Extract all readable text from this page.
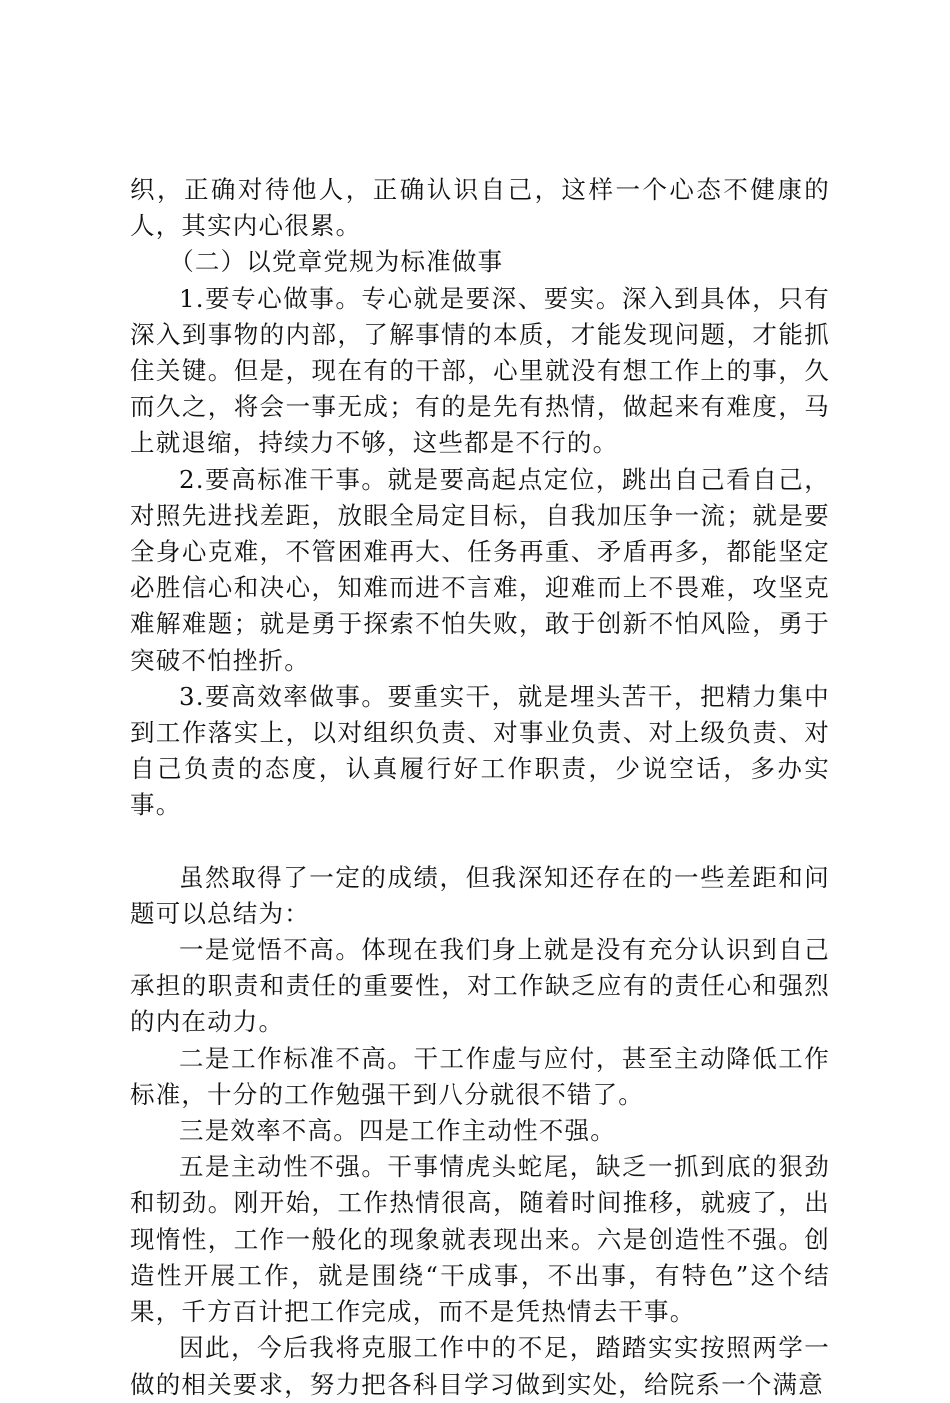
织，正确对待他人，正确认识自己，这样一个心态不健康的人，其实内心很累。

（二）以党章党规为标准做事

1.要专心做事。专心就是要深、要实。深入到具体，只有深入到事物的内部，了解事情的本质，才能发现问题，才能抓住关键。但是，现在有的干部，心里就没有想工作上的事，久而久之，将会一事无成；有的是先有热情，做起来有难度，马上就退缩，持续力不够，这些都是不行的。

2.要高标准干事。就是要高起点定位，跳出自己看自己，对照先进找差距，放眼全局定目标，自我加压争一流；就是要全身心克难，不管困难再大、任务再重、矛盾再多，都能坚定必胜信心和决心，知难而进不言难，迎难而上不畏难，攻坚克难解难题；就是勇于探索不怕失败，敢于创新不怕风险，勇于突破不怕挫折。

3.要高效率做事。要重实干，就是埋头苦干，把精力集中到工作落实上，以对组织负责、对事业负责、对上级负责、对自己负责的态度，认真履行好工作职责，少说空话，多办实事。

虽然取得了一定的成绩，但我深知还存在的一些差距和问题可以总结为：

一是觉悟不高。体现在我们身上就是没有充分认识到自己承担的职责和责任的重要性，对工作缺乏应有的责任心和强烈的内在动力。

二是工作标准不高。干工作虚与应付，甚至主动降低工作标准，十分的工作勉强干到八分就很不错了。

三是效率不高。四是工作主动性不强。

五是主动性不强。干事情虎头蛇尾，缺乏一抓到底的狠劲和韧劲。刚开始，工作热情很高，随着时间推移，就疲了，出现惰性，工作一般化的现象就表现出来。六是创造性不强。创造性开展工作，就是围绕“干成事，不出事，有特色”这个结果，千方百计把工作完成，而不是凭热情去干事。

因此，今后我将克服工作中的不足，踏踏实实按照两学一做的相关要求，努力把各科目学习做到实处，给院系一个满意
